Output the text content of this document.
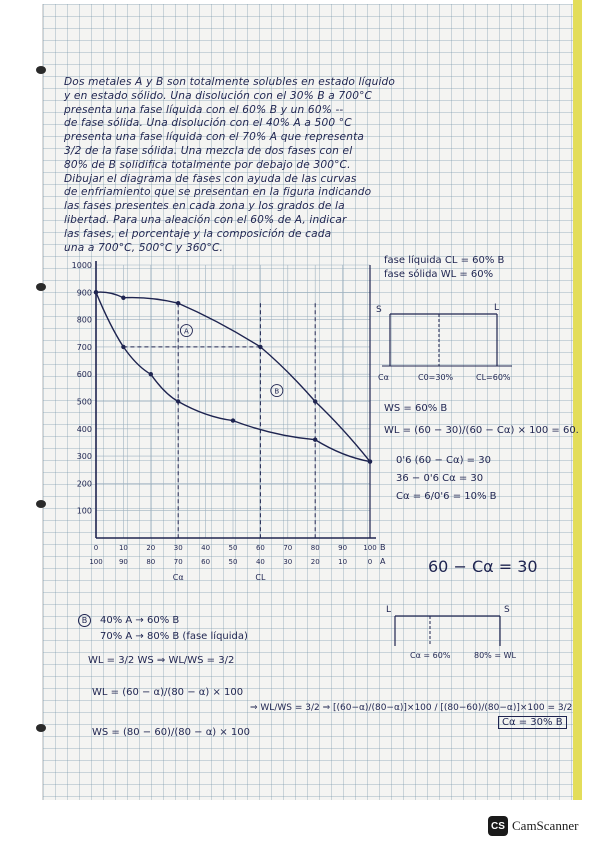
Dos metales A y B son totalmente solubles en estado líquido
y en estado sólido. Una disolución con el 30% B a 700°C
presenta una fase líquida con el 60% B y un 60% --
de fase sólida. Una disolución con el 40% A a 500 °C
presenta una fase líquida con el 70% A que representa
3/2 de la fase sólida. Una mezcla de dos fases con el
80% de B solidifica totalmente por debajo de 300°C.
Dibujar el diagrama de fases con ayuda de las curvas
de enfriamiento que se presentan en la figura indicando
las fases presentes en cada zona y los grados de la
libertad. Para una aleación con el 60% de A, indicar
las fases, el porcentaje y la composición de cada
una a 700°C, 500°C y 360°C.
100
200
300
400
500
600
700
800
900
1000
0	10	20	30	40	50	60	70	80	90 100
100 90	80	70	60	50	40	30	20	10	0
B
A
A
B
Cα	CL
fase líquida CL = 60% B
fase sólida WL = 60%
S	L
Cα	C0=30%	CL=60%
WS = 60% B
WL = (60 − 30)/(60 − Cα) × 100 = 60.
0'6 (60 − Cα) = 30
36 − 0'6 Cα = 30
Cα = 6/0'6 = 10% B
60 − Cα = 30
B	40% A → 60% B
70% A → 80% B (fase líquida)
WL = 3/2 WS ⇒ WL/WS = 3/2
WL = (60 − α)/(80 − α) × 100
WS = (80 − 60)/(80 − α) × 100
⇒ WL/WS = 3/2 ⇒ [(60−α)/(80−α)]×100 / [(80−60)/(80−α)]×100 = 3/2
Cα = 30% B
L	S
Cα = 60%	80% = WL
CS CamScanner
